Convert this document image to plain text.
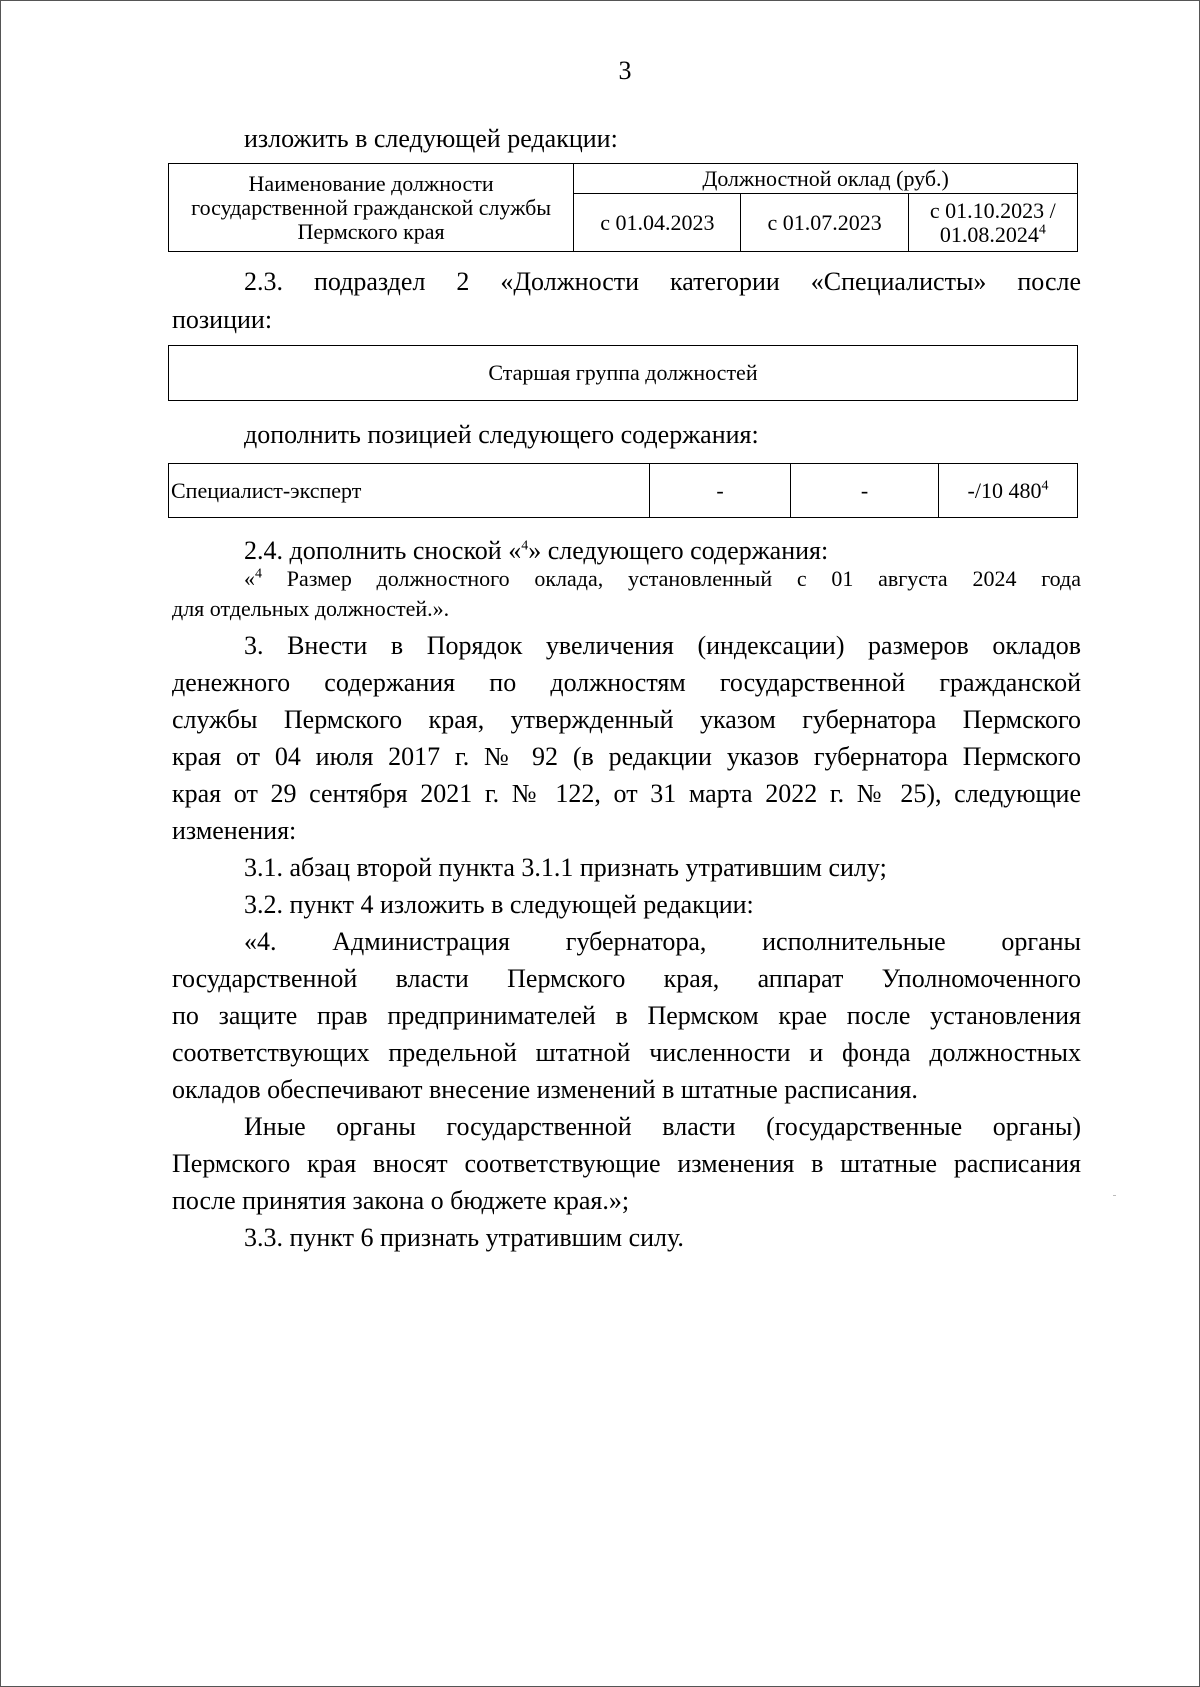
3
изложить в следующей редакции:
Наименование должности государственной гражданской службы Пермского края	Должностной оклад (руб.)		
	с 01.04.2023	с 01.07.2023	с 01.10.2023 / 01.08.2024$^4$
2.3. подраздел 2 «Должности категории «Специалисты» после
позиции:
Старшая группа должностей
дополнить позицией следующего содержания:
Специалист-эксперт	-	-	-/10 $480^4$
2.4. дополнить сноской «$^4$» следующего содержания:
«$^4$ Размер должностного оклада, установленный с 01 августа 2024 года
для отдельных должностей.».
3. Внести в Порядок увеличения (индексации) размеров окладов
денежного содержания по должностям государственной гражданской
службы Пермского края, утвержденный указом губернатора Пермского
края от 04 июля 2017 г. № 92 (в редакции указов губернатора Пермского
края от 29 сентября 2021 г. № 122, от 31 марта 2022 г. № 25), следующие
изменения:
3.1. абзац второй пункта 3.1.1 признать утратившим силу;
3.2. пункт 4 изложить в следующей редакции:
«4. Администрация губернатора, исполнительные органы
государственной власти Пермского края, аппарат Уполномоченного
по защите прав предпринимателей в Пермском крае после установления
соответствующих предельной штатной численности и фонда должностных
окладов обеспечивают внесение изменений в штатные расписания.
Иные органы государственной власти (государственные органы)
Пермского края вносят соответствующие изменения в штатные расписания
после принятия закона о бюджете края.»;
3.3. пункт 6 признать утратившим силу.
